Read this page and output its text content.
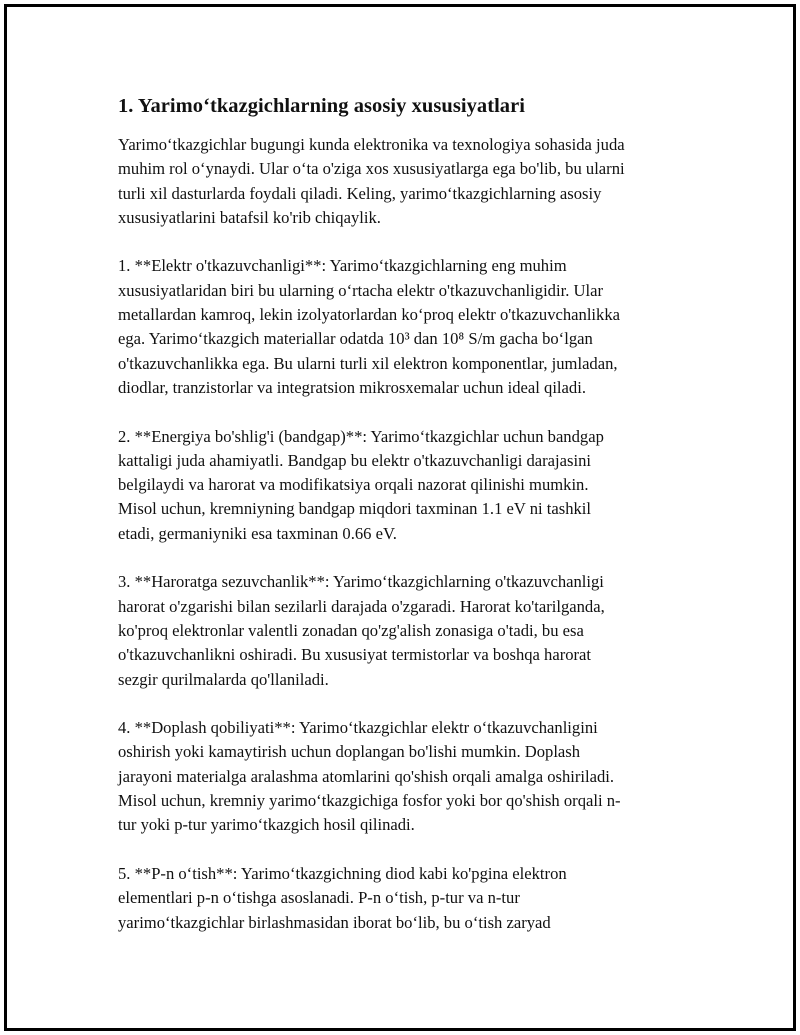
1. Yarimo‘tkazgichlarning asosiy xususiyatlari

Yarimo‘tkazgichlar bugungi kunda elektronika va texnologiya sohasida juda
muhim rol o‘ynaydi. Ular o‘ta o'ziga xos xususiyatlarga ega bo'lib, bu ularni
turli xil dasturlarda foydali qiladi. Keling, yarimo‘tkazgichlarning asosiy
xususiyatlarini batafsil ko'rib chiqaylik.

1. **Elektr o'tkazuvchanligi**: Yarimo‘tkazgichlarning eng muhim
xususiyatlaridan biri bu ularning o‘rtacha elektr o'tkazuvchanligidir. Ular
metallardan kamroq, lekin izolyatorlardan ko‘proq elektr o'tkazuvchanlikka
ega. Yarimo‘tkazgich materiallar odatda 10³ dan 10⁸ S/m gacha bo‘lgan
o'tkazuvchanlikka ega. Bu ularni turli xil elektron komponentlar, jumladan,
diodlar, tranzistorlar va integratsion mikrosxemalar uchun ideal qiladi.

2. **Energiya bo'shlig'i (bandgap)**: Yarimo‘tkazgichlar uchun bandgap
kattaligi juda ahamiyatli. Bandgap bu elektr o'tkazuvchanligi darajasini
belgilaydi va harorat va modifikatsiya orqali nazorat qilinishi mumkin.
Misol uchun, kremniyning bandgap miqdori taxminan 1.1 eV ni tashkil
etadi, germaniyniki esa taxminan 0.66 eV.

3. **Haroratga sezuvchanlik**: Yarimo‘tkazgichlarning o'tkazuvchanligi
harorat o'zgarishi bilan sezilarli darajada o'zgaradi. Harorat ko'tarilganda,
ko'proq elektronlar valentli zonadan qo'zg'alish zonasiga o'tadi, bu esa
o'tkazuvchanlikni oshiradi. Bu xususiyat termistorlar va boshqa harorat
sezgir qurilmalarda qo'llaniladi.

4. **Doplash qobiliyati**: Yarimo‘tkazgichlar elektr o‘tkazuvchanligini
oshirish yoki kamaytirish uchun doplangan bo'lishi mumkin. Doplash
jarayoni materialga aralashma atomlarini qo'shish orqali amalga oshiriladi.
Misol uchun, kremniy yarimo‘tkazgichiga fosfor yoki bor qo'shish orqali n-
tur yoki p-tur yarimo‘tkazgich hosil qilinadi.

5. **P-n o‘tish**: Yarimo‘tkazgichning diod kabi ko'pgina elektron
elementlari p-n o‘tishga asoslanadi. P-n o‘tish, p-tur va n-tur
yarimo‘tkazgichlar birlashmasidan iborat bo‘lib, bu o‘tish zaryad
